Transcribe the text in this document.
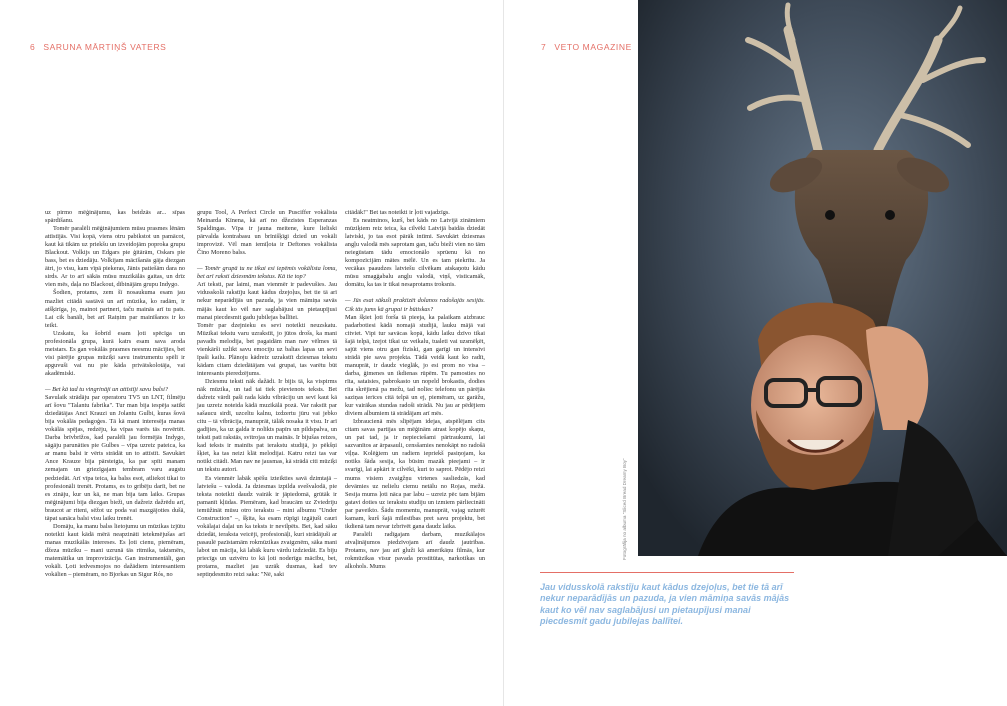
6 SARUNA MĀRTIŅŠ VATERS	7 VETO MAGAZINE

uz pirmo mēģinājumu, kas beidzās ar... sīpas spārdīšanu.

Tomēr paralēli mēģinājumiem mūsu prasmes lēnām attīstījās. Visi kopā, viens otru pabikstot un pamācot, kaut kā tikām uz priekšu un izveidojām poproka grupu Blackout. Volkijs un Edgars pie ģitārām, Oskars pie bass, bet es dziedāju. Volkijam mācīšanās gāja diezgan ātri, jo visu, kam vīpā piekeras, Jānis patiešām dara no sirds. Ar to arī sākās mūsu muzikālās gaitas, un drīz vien mēs, daļa no Blackout, dibinājām grupu Indygo.

Šodien, protams, zem šī nosaukuma esam jau mazliet citādā sastāvā un arī mūzika, ko radām, ir atšķirīga, jo, mainot partneri, taču mainās arī tu pats. Lai cik banāli, bet arī Raiņim par mainīšanos ir ko teikt.

Uzskatu, ka šobrīd esam ļoti spēcīga un profesionāla grupa, kurā katrs esam sava aroda meistars. Es gan vokālās prasmes neesmu mācījies, bet visi pārējie grupas mūziķi savu instrumentu spēlī ir apguvuši vai nu pie kāda privātskolotāja, vai akadēmiski.

— Bet kā tad tu vingrināji un attīstīji savu balsi?

Savulaik strādāju par operatoru TV5 un LNT, filmēju arī šovu "Talantu fabrika". Tur man bija iespēja satikt dziedātājas Ancī Krauzi un Jolantu Gulbi, kuras šovā bija vokālās pedagoģes. Tā kā mani interesēja manas vokālās spējas, redzēju, ka vīpas varēs tās novērtēt. Darba brīvbrīžos, kad paralēli jau formējās Indygo, sāgāju parunāties pie Gulbes – vīpa uzreiz pateica, ka ar manu balsi ir vērts strādāt un to attīstīt. Savukārt Ance Krauze bija pārsteigta, ka par spīti manam zemajam un griezīgajam tembram varu augstu pedziedāt. Arī vīpa teica, ka balss esot, atliekot tikai to profesionāli trenēt. Protams, es to gribēju darīt, bet ne es zināju, kur un kā, ne man bija tam laiks. Grupas mēģinājumi bija diezgan bieži, un dažreiz dažrēdu arī, braucot ar riteni, sēžot uz poda vai mazgājoties dušā, tāpat sanāca balsi visu laiku trenēt.

Domāju, ka manu balss lietojumu un mūzikas izjūtu noteikti kaut kādā mērā neapzināti ietekmējušas arī manas muzikālās intereses. Es ļoti cienu, piemēram, džeza mūziku – mani uzrunā tās ritmika, taktsmērs, matemātika un improvizācija. Gan instrumentāli, gan vokāli. Ļoti iedvesmojos no dažādiem interesantiem vokālien – piemēram, no Bjorkas un Sigur Rós, no

grupu Tool, A Perfect Circle un Pusciffer vokālista Meinarda Kīnena, kā arī no džezistes Esperanzas Spaldingas. Vīpa ir jauna meitene, kure lieliski pārvalda kontrabasu un brīnišķīgi dzied un vokāli improvizē. Vēl man iemīļota ir Deftones vokālista Čīno Moreno balss.

— Tomēr grupā tu ne tikai esi iepēmis vokālista lomu, bet arī raksti dziesmām tekstus. Kā tie top?

Arī teksti, par laimi, man vienmēr ir padevušies. Jau vidusskolā rakstīju kaut kādus dzejoļus, bet tie tā arī nekur neparādījās un pazuda, ja vien māmiņa savās mājās kaut ko vēl nav saglabājusi un pietaupījusi manai piecdesmit gadu jubilejas ballītei.

Tomēr par dzejnieku es sevi noteikti neuzskatu. Mūzikai tekstu varu uzrakstīt, jo jūtos drošs, ka mani pavadīs melodija, bet pagaidām man nav vēlmes tā vienkārši uzlikt savu emociju uz baltas lapas un sevi īpaši kailu. Plānoju kādreiz uzrakstīt dziesmas tekstu kādam citam dziedātājam vai grupai, tas varētu būt interesants pieredzējums.

Dziesmu teksti nāk dažādi. Ir bijis tā, ka vispirms nāk mūzika, un tad tai tiek pievienots teksts. Bet dažreiz vārdi paši rada kādu vibrāciju un sevī kaut kā jau uzreiz noteida kādā muzikālā pozā. Var rakstīt par sašaucu sirdī, uzceltu kalnu, izdzertu jūru vai jebko citu – tā vibrācija, manuprāt, tālāk nosaka it visu. Ir arī gadījies, ka uz galda ir nolikts papīrs un pildspalva, un teksti pati rakstās, svītrojas un mainās. Ir bijušas reizes, kad teksts ir mainīts pat ierakstu studijā, jo pēkšņi šķiet, ka tas neizi klāt melodijai. Katru reizi tas var notikt citādi. Man nav ne jausmas, kā strādā citi mūziķi un tekstu autori.

Es vienmēr labāk spēšu izteikties savā dzimtajā – latviešu – valodā. Ja dziesmas izpilda svešvalodā, pie teksta noteikti daudz vairāk ir jāpiedomā, grūtāk ir pamanīt kļūdas. Piemēram, kad braucām uz Zviedriju iemūžināt mūsu otro ierakstu – mini albumu "Under Construction" –, šķita, ka esam rūpīgi izgājuši cauri vokālajai daļai un ka teksts ir nevilpēts. Bet, kad sāku dziedāt, ieraksta veicēji, profesionāļi, kuri strādājuši ar pasaulē pazīstamām rokmūzikas zvaigznēm, sāka mani labot un mācīja, kā labāk kuru vārdu izdziedāt. Es biju priecīgs un uztvēru to kā ļoti noderīgu mācību, bet, protams, mazliet jau uzrāk dusmas, kad tev septiņdesmito reizi saka: "Nē, saki

citādāk!" Bet tas noteikti ir ļoti vajadzīgs.

Es neatminos, kurš, bet kāds no Latvijā zināmiem mūziķiem reiz teica, ka cilvēki Latvijā baidās dziedāt latviski, jo tas esot pārāk intīmi. Savukārt dziesmas angļu valodā mēs saprotam gan, taču bieži vien no tām neiegūstam tādu emocionālo sprūenu kā no kompozīcijām mātes mēlē. Un es tam piekrītu. Ja vecākas paaudzes latviešu cilvēkam atskaņotu kādu mūsu smagģabalu angļu valodā, viņš, visticamāk, domātu, ka tas ir tikai nesaprotams troksnis.

— Jūs esat sākuši praktizēt dolanos radošajās sesijās. Cik tās jums kā grupai ir būtiskas?

Man šķiet ļoti forša tā pieeja, ka palaikam aizbrauc padarbotiesi kādā nomajā studijā, lauku mājā vai citviet. Vipi tur savācas kopā, kādu laiku dzīvo tikai šajā telpā, izejot tikai uz veikalu, tualeti vai uzsmēķēt, sajūt viens otru gan fiziski, gan garīgi un intensīvi strādā pie sava projekta. Tādā veidā kaut ko radīt, manuprāt, ir daudz vieglāk, jo esi prom no visa – darba, ģimenes un ikdienas rūpēm. Tu pamosties no rīta, sataisies, pabrokasto un nopeld brokastis, dodies rīta skrējienā pa mežu, tad nolīec telefonu un pārējās saziņas ierīces citā telpā un ej, piemēram, uz garāžu, kur vairākas stundas radoši strādā. Nu jau ar pēdējiem diviem albumiem tā strādājam arī mēs.

Izbraucienā mēs slīpējam idejas, atspēlējam cits citam savas partijas un mēģinām atrast kopējo skaņu, un pat tad, ja ir nepieciešami pārtraukumi, lai sazvanītos ar ārpasauli, censšamies nenokāpt no radošā viļņa. Kolēģiem un radiem iepriekš pasiņojam, ka notiks šāda sesija, ka būsim mazāk pieejami – ir svarīgi, lai apkārt ir cilvēki, kuri to saprot. Pēdējo reizi mums visiem zvaigžņu virtenes sasliedzās, kad devāmies uz nelielu ciemu netālu no Rojas, mežā. Sesija mums ļoti nāca par labu – uzreiz pēc tam bijām gatavi doties uz ierakstu studiju un izmiem pārliecināti par paveikto. Šādu momentu, manuprāt, vajag uzturēt kamam, kurš šajā mīlestības pret savu projektu, bet ikdienā tam nevar izbrīvēt gana daudz laika.

Paralēli radīgajam darbam, muzikālajos atvaļinājumos piedzīvojam arī daudz jautrības. Protams, nav jau arī gluži kā amerikāņu filmās, kur rokmūzikas vīsur pavada prostitūtas, narkotikas un alkohols. Mums

Fotogrāfija no albuma "Sliced Bread Dreamy Boy"
Jau vidusskolā rakstīju kaut kādus dzejoļus, bet tie tā arī nekur neparādījās un pazuda, ja vien māmiņa savās mājās kaut ko vēl nav saglabājusi un pietaupījusi manai piecdesmit gadu jubilejas ballītei.
